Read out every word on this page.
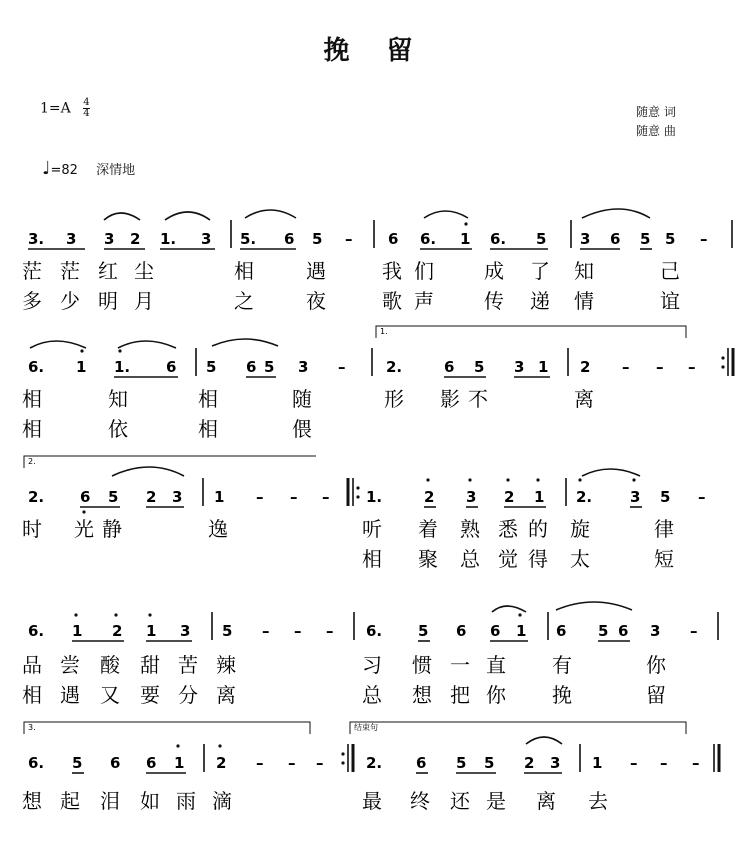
挽 留
$1=A \frac{4}{4}$	随意 词
随意 曲
♩=82 深情地
3. 3 3 2 1. 3 5. 6 5 – 6 6. 1 6. 5 3 6 5 5 –
茫 茫 红 尘	相	遇	我 们	成 了 知	己
多 少 明 月	之	夜	歌 声	传 递 情	谊
1.
6. 1 1. 6 5 6 5 3 –	2.	6 5 3 1 2 – – –
相	知	相	随	形 影 不	离
相	依	相	偎
2.
2. 6 5 2 3 1 – – – 1.	2 3 2 1 2.	3 5 –
时 光 静	逸	听 着 熟 悉 的 旋	律
相 聚 总 觉 得 太	短
6. 1 2 1 3 5 – – – 6. 5 6 6 1 6 5 6 3 –
品 尝 酸 甜 苦 辣	习 惯 一 直 有	你
相 遇 又 要 分 离	总 想 把 你 挽	留
3.	结束句
6. 5 6 6 1 2 – – –	2. 6 5 5 2 3 1 – – –
想 起 泪 如 雨 滴	最 终 还 是 离 去
